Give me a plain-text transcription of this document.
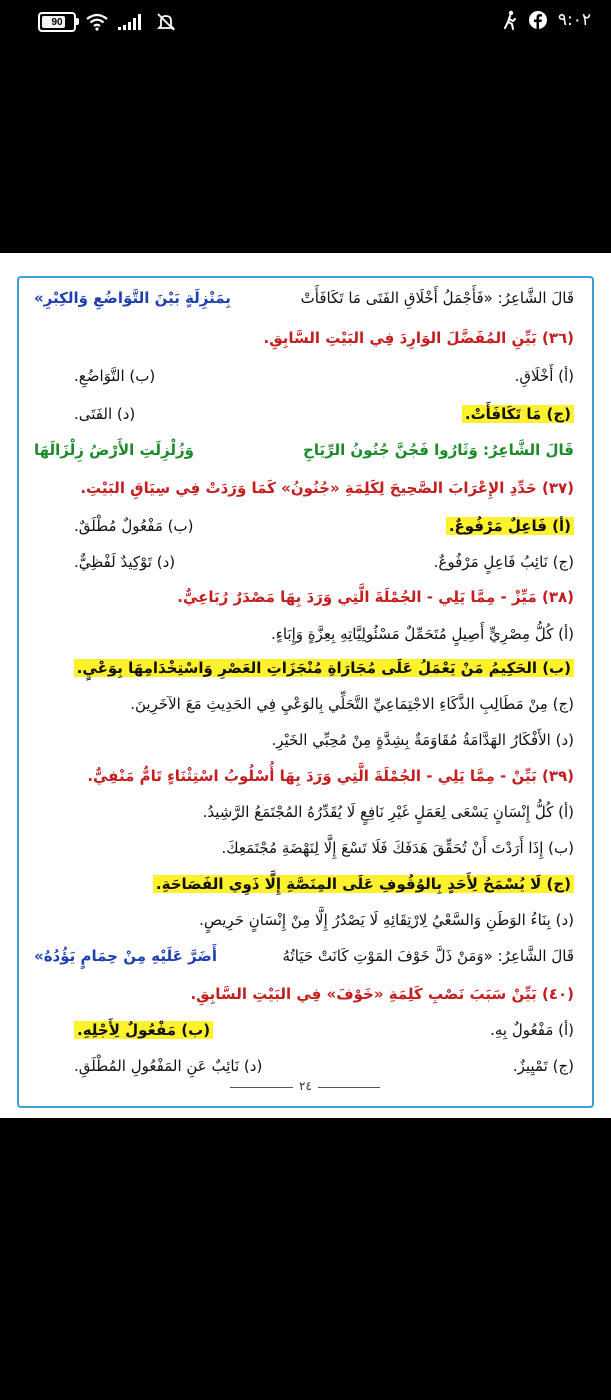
90	٩:٠٢
قَالَ الشَّاعِرُ: «فَأَجْمَلُ أَخْلَاقِ الفَتَى مَا تَكَافَأَتْ
بِمَنْزِلَةٍ بَيْنَ التَّوَاضُعِ وَالكِبْرِ»
(٣٦) بَيِّنِ المُفَضَّلَ الوَارِدَ فِي البَيْتِ السَّابِقِ.
(أ) أَخْلَاقِ.
(ب) التَّوَاضُعِ.
(ج) مَا تَكَافَأَتْ.
(د) الفَتَى.
قَالَ الشَّاعِرُ: وَثَارُوا فَجُنَّ جُنُونُ الرِّيَاحِ
وَزُلْزِلَتِ الأَرْضُ زِلْزَالَهَا
(٣٧) حَدِّدِ الإِعْرَابَ الصَّحِيحَ لِكَلِمَةِ «جُنُونُ» كَمَا وَرَدَتْ فِي سِيَاقِ البَيْتِ.
(أ) فَاعِلٌ مَرْفُوعٌ.
(ب) مَفْعُولٌ مُطْلَقٌ.
(ج) نَائِبُ فَاعِلٍ مَرْفُوعٌ.
(د) تَوْكِيدٌ لَفْظِيٌّ.
(٣٨) مَيِّزْ - مِمَّا يَلِي - الجُمْلَةَ الَّتِي وَرَدَ بِهَا مَصْدَرٌ رُبَاعِيٌّ.
(أ) كُلُّ مِصْرِيٍّ أَصِيلٍ مُتَحَمِّلٌ مَسْئُولِيَّاتِهِ بِعِزَّةٍ وَإِبَاءٍ.
(ب) الحَكِيمُ مَنْ يَعْمَلُ عَلَى مُجَارَاةِ مُنْجَزَاتِ العَصْرِ وَاسْتِخْدَامِهَا بِوَعْيٍ.
(ج) مِنْ مَطَالِبِ الذَّكَاءِ الاجْتِمَاعِيِّ التَّحَلِّي بِالوَعْيِ فِي الحَدِيثِ مَعَ الآخَرِينَ.
(د) الأَفْكَارُ الهَدَّامَةُ مُقَاوَمَةٌ بِشِدَّةٍ مِنْ مُحِبِّي الخَيْرِ.
(٣٩) بَيِّنْ - مِمَّا يَلِي - الجُمْلَةَ الَّتِي وَرَدَ بِهَا أُسْلُوبُ اسْتِثْنَاءٍ تَامٌّ مَنْفِيٌّ.
(أ) كُلُّ إِنْسَانٍ يَسْعَى لِعَمَلٍ غَيْرِ نَافِعٍ لَا يُقَدِّرُهُ المُجْتَمَعُ الرَّشِيدُ.
(ب) إِذَا أَرَدْتَ أَنْ تُحَقِّقَ هَدَفَكَ فَلَا تَسْعَ إِلَّا لِنَهْضَةِ مُجْتَمَعِكَ.
(ج) لَا يُسْمَحُ لِأَحَدٍ بِالوُقُوفِ عَلَى المِنَصَّةِ إِلَّا ذَوِي الفَصَاحَةِ.
(د) بِنَاءُ الوَطَنِ وَالسَّعْيُ لِارْتِقَائِهِ لَا يَصْدُرُ إِلَّا مِنْ إِنْسَانٍ حَرِيصٍ.
قَالَ الشَّاعِرُ: «وَمَنْ ذَلَّ خَوْفَ المَوْتِ كَانَتْ حَيَاتُهُ
أَضَرَّ عَلَيْهِ مِنْ حِمَامٍ يَؤُدُهُ»
(٤٠) بَيِّنْ سَبَبَ نَصْبِ كَلِمَةِ «خَوْفَ» فِي البَيْتِ السَّابِقِ.
(أ) مَفْعُولٌ بِهِ.
(ب) مَفْعُولٌ لِأَجْلِهِ.
(ج) تَمْيِيزٌ.
(د) نَائِبٌ عَنِ المَفْعُولِ المُطْلَقِ.
٢٤
